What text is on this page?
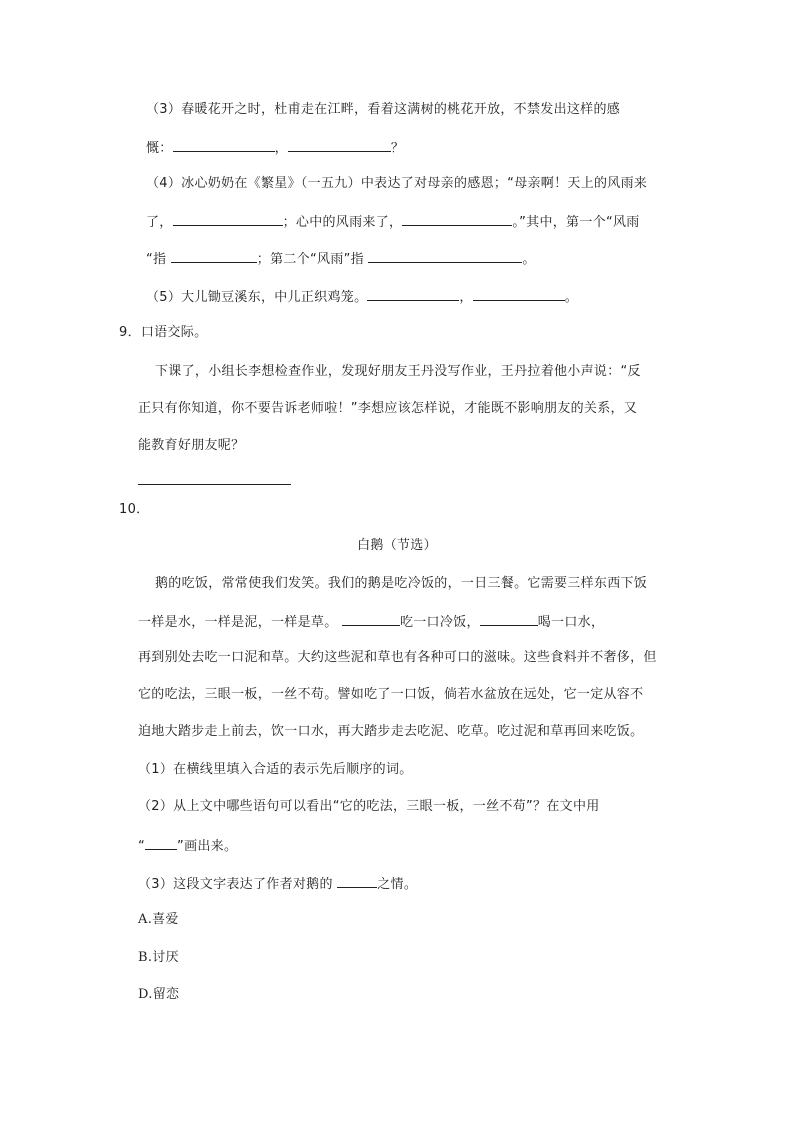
（3）春暖花开之时，杜甫走在江畔，看着这满树的桃花开放，不禁发出这样的感
慨：	，	？
（4）冰心奶奶在《繁星》（一五九）中表达了对母亲的感恩；“母亲啊！天上的风雨来
了，	；心中的风雨来了，	。”其中，第一个“风雨
“指	；第二个“风雨”指	。
（5）大儿锄豆溪东，中儿正织鸡笼。	，	。
9．口语交际。
下课了，小组长李想检查作业，发现好朋友王丹没写作业，王丹拉着他小声说：“反
正只有你知道，你不要告诉老师啦！”李想应该怎样说，才能既不影响朋友的关系，又
能教育好朋友呢？
10．
白鹅（节选）
鹅的吃饭，常常使我们发笑。我们的鹅是吃冷饭的，一日三餐。它需要三样东西下饭
一样是水，一样是泥，一样是草。	吃一口冷饭，	喝一口水，
再到别处去吃一口泥和草。大约这些泥和草也有各种可口的滋味。这些食料并不奢侈，但
它的吃法，三眼一板，一丝不苟。譬如吃了一口饭，倘若水盆放在远处，它一定从容不
迫地大踏步走上前去，饮一口水，再大踏步走去吃泥、吃草。吃过泥和草再回来吃饭。
（1）在横线里填入合适的表示先后顺序的词。
（2）从上文中哪些语句可以看出“它的吃法，三眼一板，一丝不苟”？在文中用
“ ”画出来。
（3）这段文字表达了作者对鹅的	之情。
A.喜爱
B.讨厌
D.留恋
